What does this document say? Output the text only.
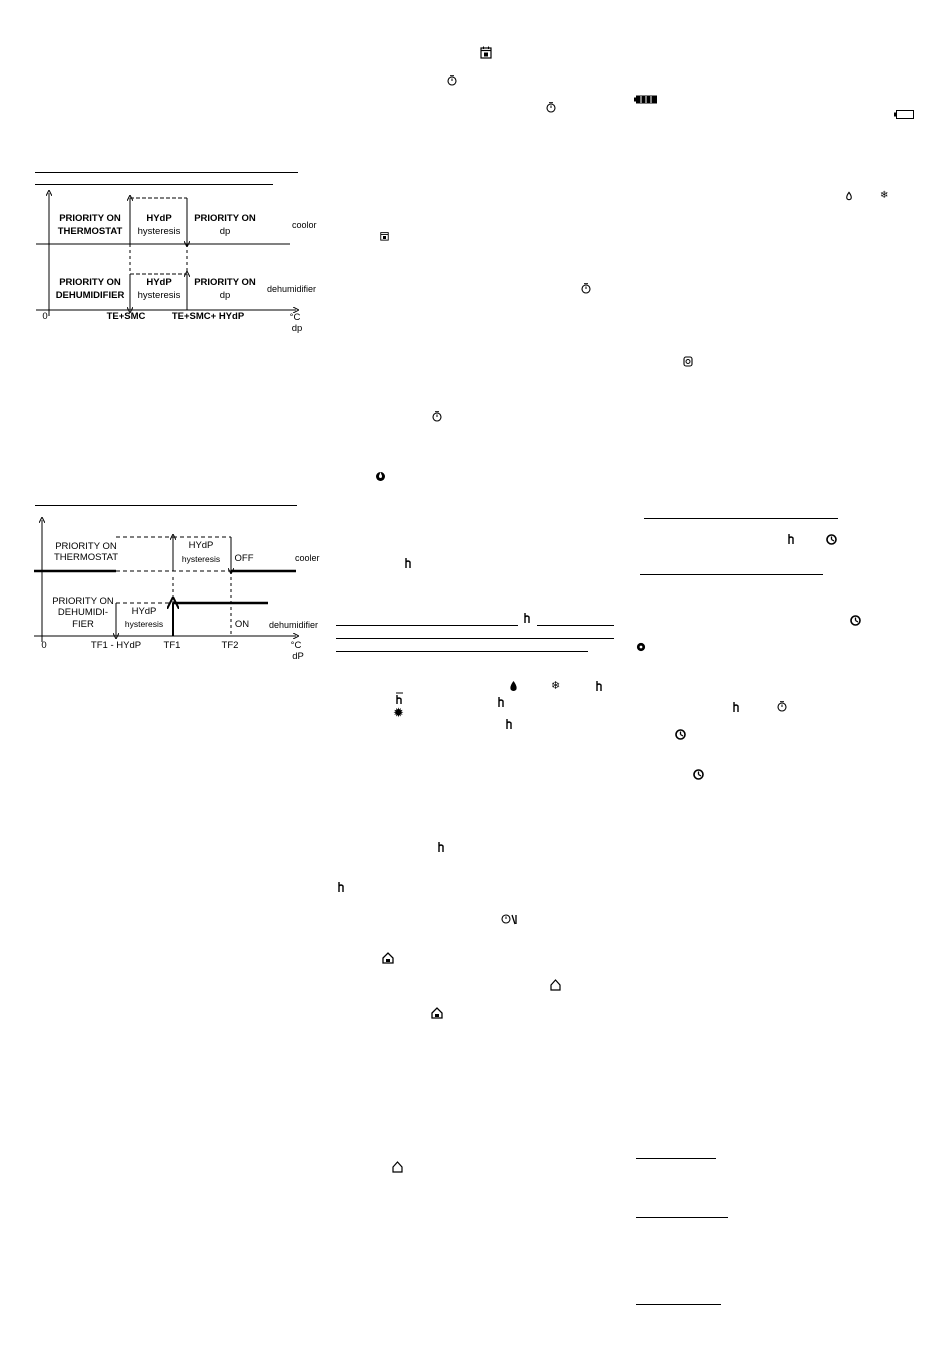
PRIORITY ON
THERMOSTAT
HYdP
hysteresis
PRIORITY ON
dp
PRIORITY ON
DEHUMIDIFIER
HYdP
hysteresis
PRIORITY ON
dp
coolor
dehumidifier
0	TE+SMC	TE+SMC+ HYdP	°C
dp
PRIORITY ON
THERMOSTAT
HYdP
hysteresis OFF
PRIORITY ON
DEHUMIDI-
FIER
HYdP
hysteresis	ON
cooler
dehumidifier
0	TF1 - HYdP TF1	TF2	°C
dP
❄
✹
❄
